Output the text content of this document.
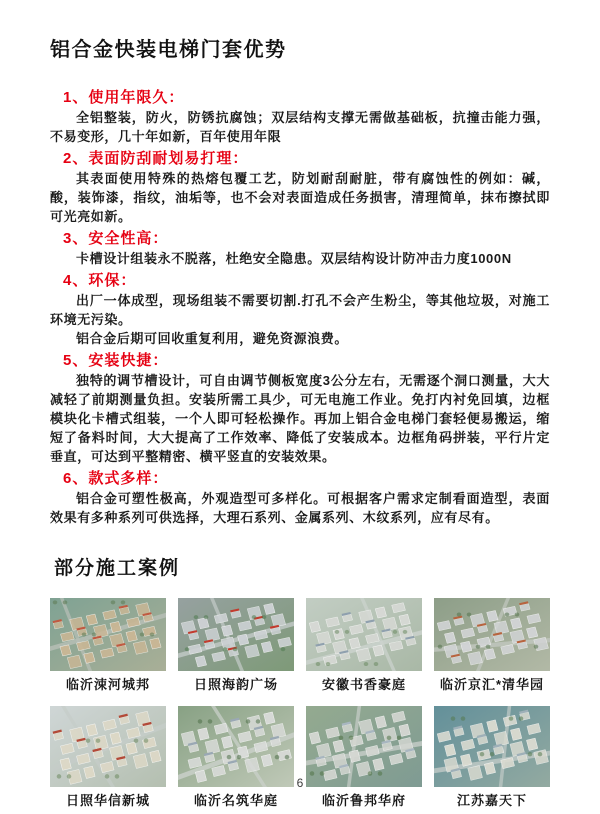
铝合金快装电梯门套优势
1、使用年限久：

全铝整装，防火，防锈抗腐蚀；双层结构支撑无需做基础板，抗撞击能力强，不易变形，几十年如新，百年使用年限

2、表面防刮耐划易打理：

其表面使用特殊的热熔包覆工艺，防划耐刮耐脏，带有腐蚀性的例如：碱，酸，装饰漆，指纹，油垢等，也不会对表面造成任务损害，清理简单，抹布擦拭即可光亮如新。

3、安全性高：

卡槽设计组装永不脱落，杜绝安全隐患。双层结构设计防冲击力度1000N

4、环保：

出厂一体成型，现场组装不需要切割.打孔不会产生粉尘，等其他垃圾，对施工环境无污染。

铝合金后期可回收重复利用，避免资源浪费。

5、安装快捷：

独特的调节槽设计，可自由调节侧板宽度3公分左右，无需逐个洞口测量，大大减轻了前期测量负担。安装所需工具少，可无电施工作业。免打内衬免回填，边框模块化卡槽式组装，一个人即可轻松操作。再加上铝合金电梯门套轻便易搬运，缩短了备料时间，大大提高了工作效率、降低了安装成本。边框角码拼装，平行片定垂直，可达到平整精密、横平竖直的安装效果。

6、款式多样：

铝合金可塑性极高，外观造型可多样化。可根据客户需求定制看面造型，表面效果有多种系列可供选择，大理石系列、金属系列、木纹系列，应有尽有。

部分施工案例
临沂涑河城邦	日照海韵广场	安徽书香豪庭	临沂京汇*清华园
日照华信新城	临沂名筑华庭	临沂鲁邦华府	江苏嘉天下
6
